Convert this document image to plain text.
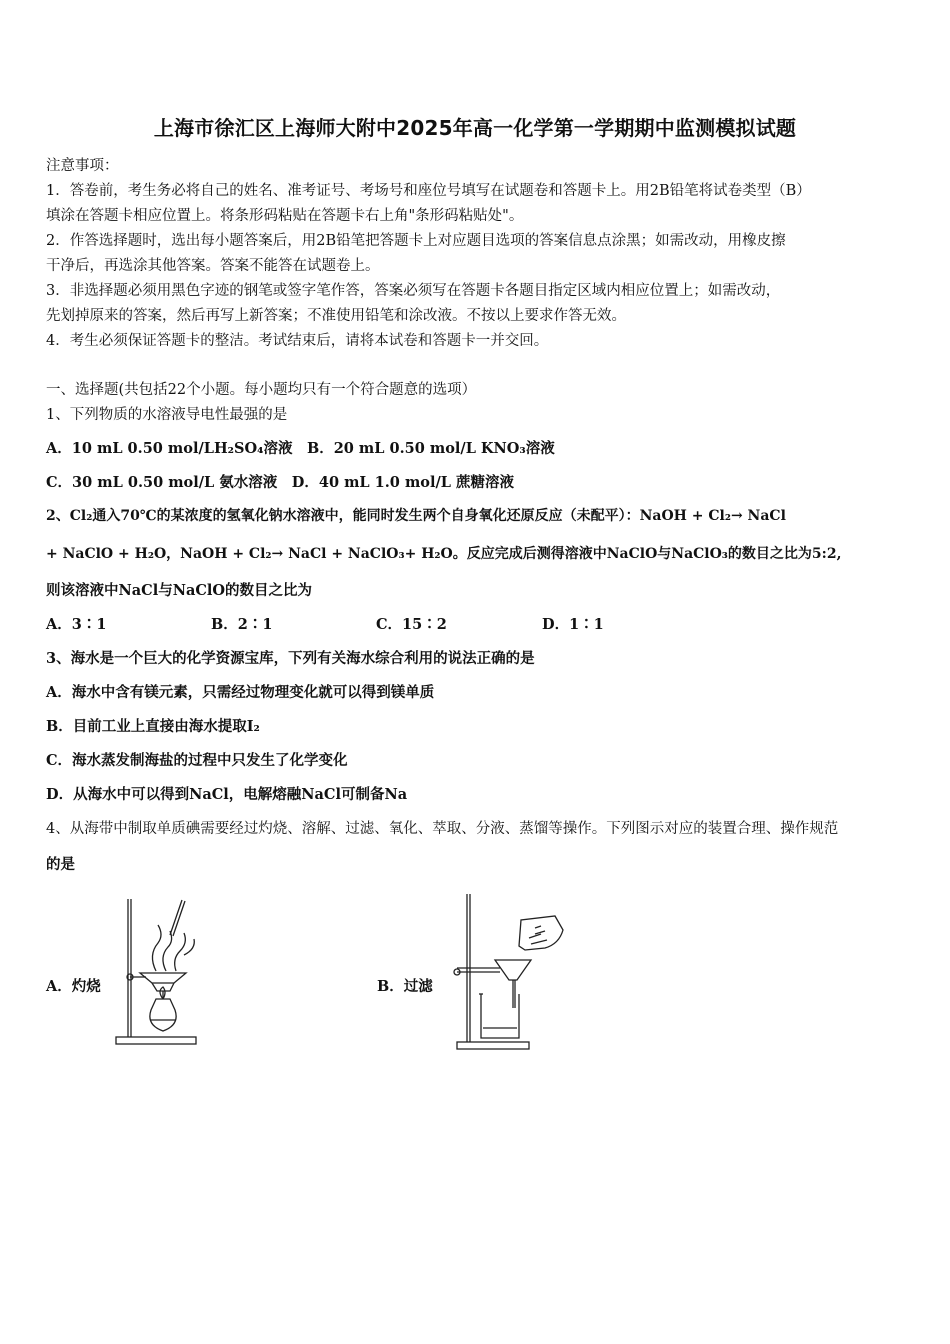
上海市徐汇区上海师大附中2025年高一化学第一学期期中监测模拟试题
注意事项：
1．答卷前，考生务必将自己的姓名、准考证号、考场号和座位号填写在试题卷和答题卡上。用2B铅笔将试卷类型（B）
填涂在答题卡相应位置上。将条形码粘贴在答题卡右上角"条形码粘贴处"。
2．作答选择题时，选出每小题答案后，用2B铅笔把答题卡上对应题目选项的答案信息点涂黑；如需改动，用橡皮擦
干净后，再选涂其他答案。答案不能答在试题卷上。
3．非选择题必须用黑色字迹的钢笔或签字笔作答，答案必须写在答题卡各题目指定区域内相应位置上；如需改动，
先划掉原来的答案，然后再写上新答案；不准使用铅笔和涂改液。不按以上要求作答无效。
4．考生必须保证答题卡的整洁。考试结束后，请将本试卷和答题卡一并交回。
一、选择题(共包括22个小题。每小题均只有一个符合题意的选项）
1、下列物质的水溶液导电性最强的是
A．10 mL 0.50 mol/LH₂SO₄溶液　B．20 mL 0.50 mol/L KNO₃溶液
C．30 mL 0.50 mol/L 氨水溶液　D．40 mL 1.0 mol/L 蔗糖溶液
2、Cl₂通入70℃的某浓度的氢氧化钠水溶液中，能同时发生两个自身氧化还原反应（未配平）：NaOH + Cl₂→ NaCl
+ NaClO + H₂O，NaOH + Cl₂→ NaCl + NaClO₃+ H₂O。反应完成后测得溶液中NaClO与NaClO₃的数目之比为5:2,
则该溶液中NaCl与NaClO的数目之比为
A．3∶1	B．2∶1	C．15∶2	D．1∶1
3、海水是一个巨大的化学资源宝库，下列有关海水综合利用的说法正确的是
A．海水中含有镁元素，只需经过物理变化就可以得到镁单质
B．目前工业上直接由海水提取I₂
C．海水蒸发制海盐的过程中只发生了化学变化
D．从海水中可以得到NaCl，电解熔融NaCl可制备Na
4、从海带中制取单质碘需要经过灼烧、溶解、过滤、氧化、萃取、分液、蒸馏等操作。下列图示对应的装置合理、操作规范
的是
A．灼烧	B．过滤
